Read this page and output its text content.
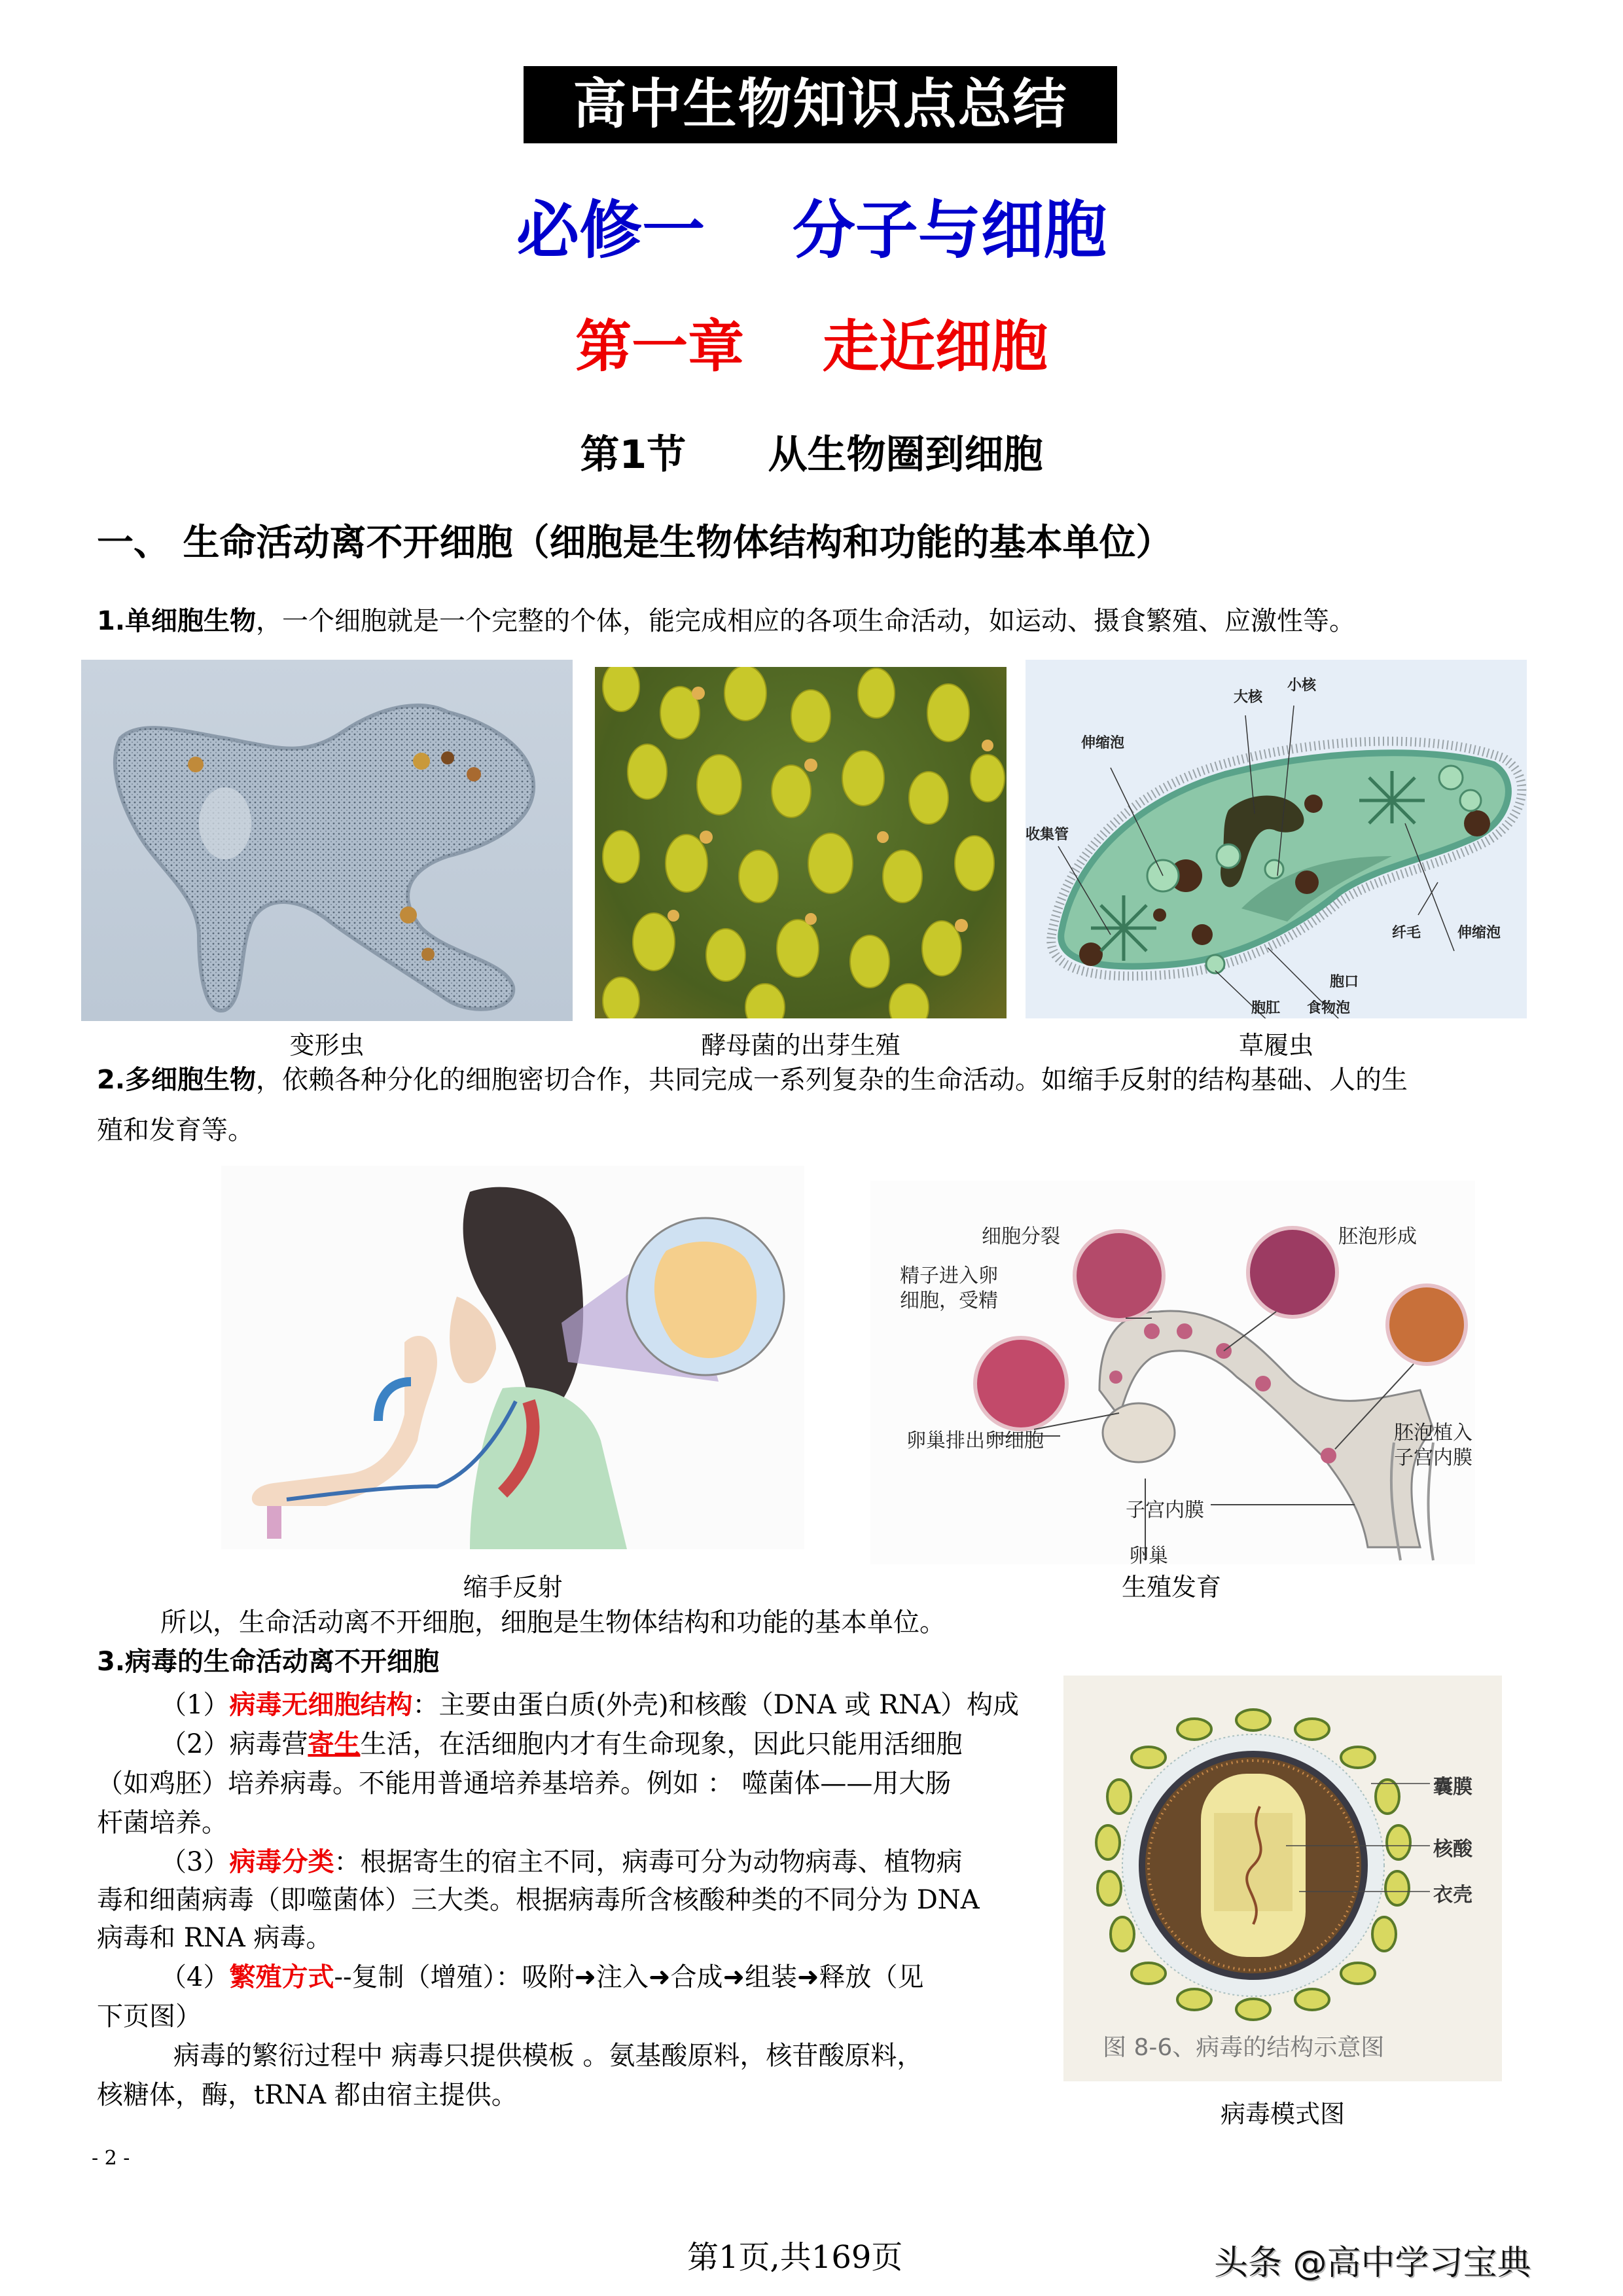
高中生物知识点总结
必修一    分子与细胞
第一章    走近细胞
第1节      从生物圈到细胞
一、 生命活动离不开细胞（细胞是生物体结构和功能的基本单位）
1.单细胞生物，一个细胞就是一个完整的个体，能完成相应的各项生命活动，如运动、摄食繁殖、应激性等。
大核
小核
伸缩泡
收集管
纤毛	伸缩泡
胞口
食物泡
胞肛
变形虫	酵母菌的出芽生殖	草履虫
2.多细胞生物，依赖各种分化的细胞密切合作，共同完成一系列复杂的生命活动。如缩手反射的结构基础、人的生
殖和发育等。
细胞分裂	胚泡形成
精子进入卵
细胞，受精
卵巢排出卵细胞	胚泡植入
子宫内膜
子宫内膜
卵巢
缩手反射	生殖发育
所以，生命活动离不开细胞，细胞是生物体结构和功能的基本单位。
3.病毒的生命活动离不开细胞
（1）病毒无细胞结构：主要由蛋白质(外壳)和核酸（DNA 或 RNA）构成
（2）病毒营寄生生活，在活细胞内才有生命现象，因此只能用活细胞
（如鸡胚）培养病毒。不能用普通培养基培养。例如 ： 噬菌体——用大肠
杆菌培养。
（3）病毒分类：根据寄生的宿主不同，病毒可分为动物病毒、植物病
毒和细菌病毒（即噬菌体）三大类。根据病毒所含核酸种类的不同分为 DNA
病毒和 RNA 病毒。
（4）繁殖方式--复制（增殖）：吸附➜注入➜合成➜组装➜释放（见
下页图）
病毒的繁衍过程中 病毒只提供模板 。氨基酸原料，核苷酸原料，
核糖体，酶，tRNA 都由宿主提供。
囊膜
核酸
衣壳
图 8-6、病毒的结构示意图
病毒模式图
- 2 -
第1页,共169页	头条 @高中学习宝典
